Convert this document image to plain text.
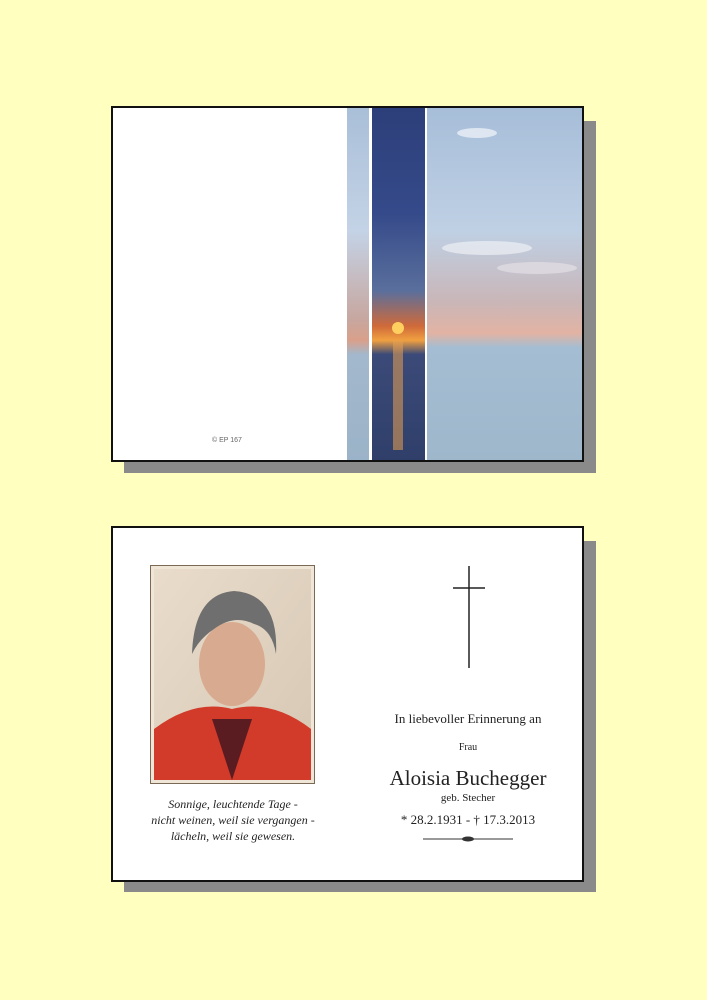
© EP 167
Sonnige, leuchtende Tage -
nicht weinen, weil sie vergangen -
lächeln, weil sie gewesen.
In liebevoller Erinnerung an
Frau
Aloisia Buchegger
geb. Stecher
* 28.2.1931 - † 17.3.2013
